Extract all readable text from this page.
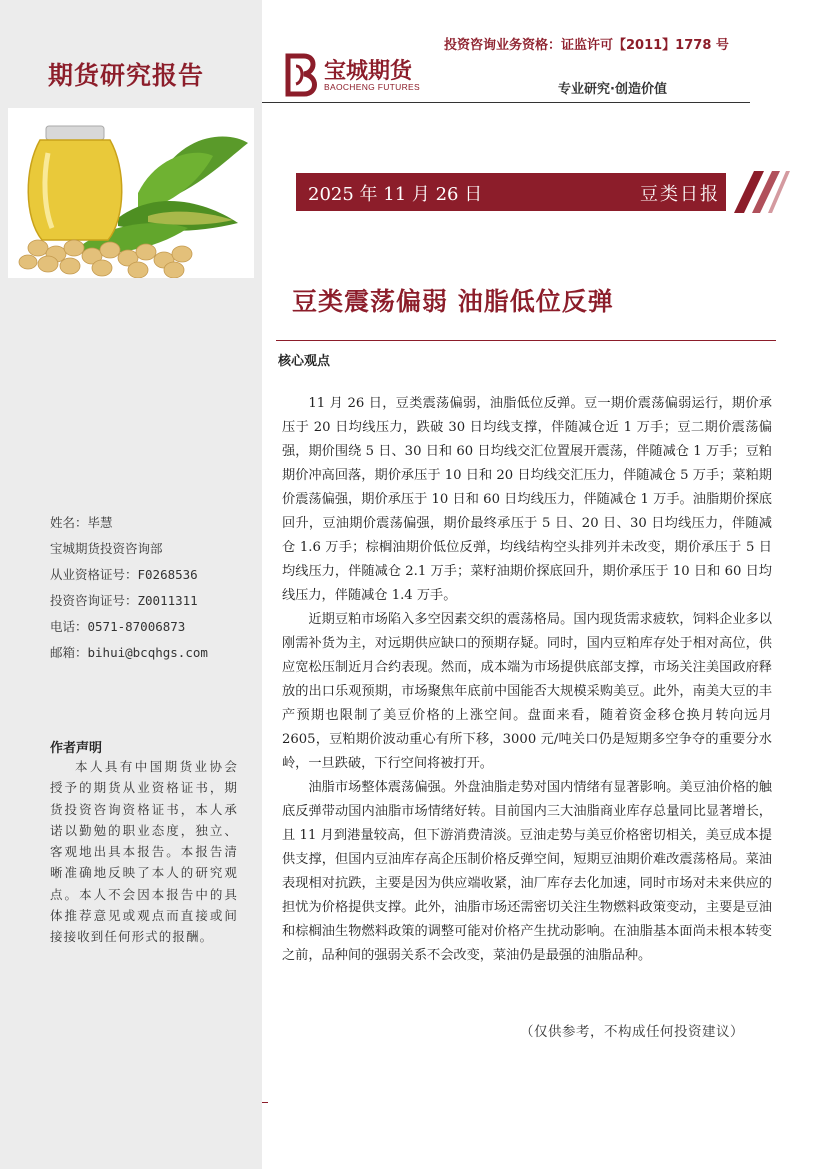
期货研究报告
姓名：毕慧
宝城期货投资咨询部
从业资格证号：F0268536
投资咨询证号：Z0011311
电话：0571-87006873
邮箱：bihui@bcqhgs.com
作者声明
本人具有中国期货业协会授予的期货从业资格证书，期货投资咨询资格证书，本人承诺以勤勉的职业态度，独立、客观地出具本报告。本报告清晰准确地反映了本人的研究观点。本人不会因本报告中的具体推荐意见或观点而直接或间接接收到任何形式的报酬。
投资咨询业务资格：证监许可【2011】1778 号
宝城期货
BAOCHENG FUTURES	专业研究·创造价值
2025 年 11 月 26 日	豆类日报
豆类震荡偏弱 油脂低位反弹
核心观点

11 月 26 日，豆类震荡偏弱，油脂低位反弹。豆一期价震荡偏弱运行，期价承压于 20 日均线压力，跌破 30 日均线支撑，伴随减仓近 1 万手；豆二期价震荡偏强，期价围绕 5 日、30 日和 60 日均线交汇位置展开震荡，伴随减仓 1 万手；豆粕期价冲高回落，期价承压于 10 日和 20 日均线交汇压力，伴随减仓 5 万手；菜粕期价震荡偏强，期价承压于 10 日和 60 日均线压力，伴随减仓 1 万手。油脂期价探底回升，豆油期价震荡偏强，期价最终承压于 5 日、20 日、30 日均线压力，伴随减仓 1.6 万手；棕榈油期价低位反弹，均线结构空头排列并未改变，期价承压于 5 日均线压力，伴随减仓 2.1 万手；菜籽油期价探底回升，期价承压于 10 日和 60 日均线压力，伴随减仓 1.4 万手。

近期豆粕市场陷入多空因素交织的震荡格局。国内现货需求疲软，饲料企业多以刚需补货为主，对远期供应缺口的预期存疑。同时，国内豆粕库存处于相对高位，供应宽松压制近月合约表现。然而，成本端为市场提供底部支撑，市场关注美国政府释放的出口乐观预期，市场聚焦年底前中国能否大规模采购美豆。此外，南美大豆的丰产预期也限制了美豆价格的上涨空间。盘面来看，随着资金移仓换月转向远月 2605，豆粕期价波动重心有所下移，3000 元/吨关口仍是短期多空争夺的重要分水岭，一旦跌破，下行空间将被打开。

油脂市场整体震荡偏强。外盘油脂走势对国内情绪有显著影响。美豆油价格的触底反弹带动国内油脂市场情绪好转。目前国内三大油脂商业库存总量同比显著增长，且 11 月到港量较高，但下游消费清淡。豆油走势与美豆价格密切相关，美豆成本提供支撑，但国内豆油库存高企压制价格反弹空间，短期豆油期价难改震荡格局。菜油表现相对抗跌，主要是因为供应端收紧，油厂库存去化加速，同时市场对未来供应的担忧为价格提供支撑。此外，油脂市场还需密切关注生物燃料政策变动，主要是豆油和棕榈油生物燃料政策的调整可能对价格产生扰动影响。在油脂基本面尚未根本转变之前，品种间的强弱关系不会改变，菜油仍是最强的油脂品种。

（仅供参考，不构成任何投资建议）
